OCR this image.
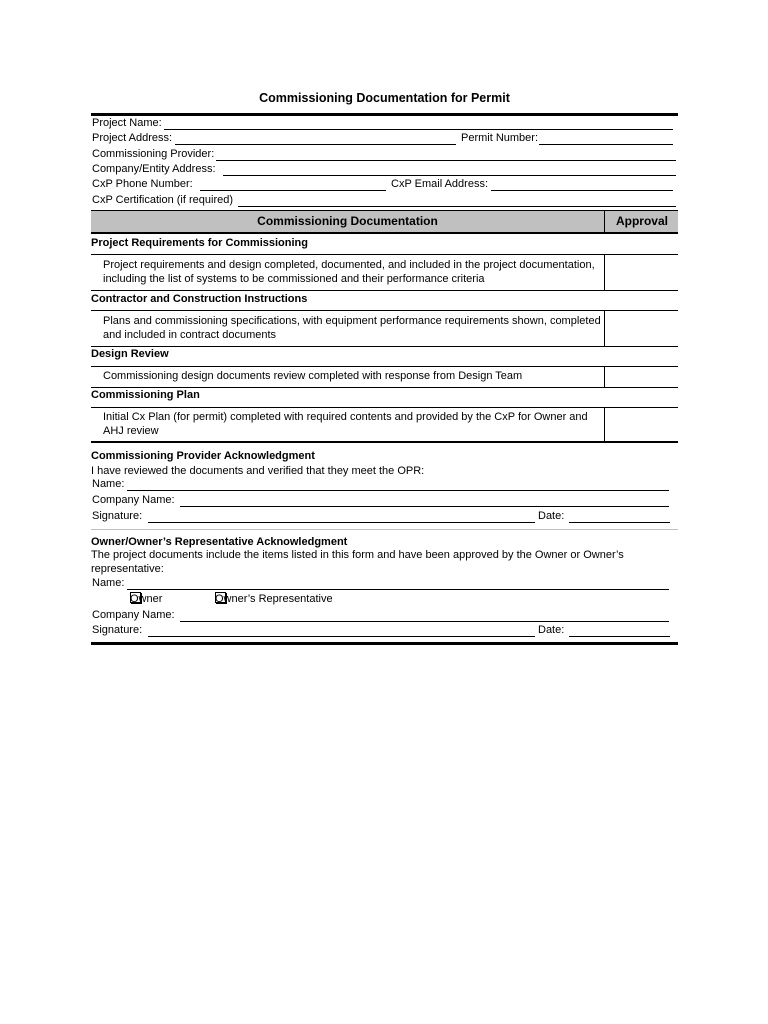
Commissioning Documentation for Permit
Project Name:
Project Address:	Permit Number:
Commissioning Provider:
Company/Entity Address:
CxP Phone Number:	CxP Email Address:
CxP Certification (if required)
Commissioning Documentation	Approval
Project Requirements for Commissioning
Project requirements and design completed, documented, and included in the project documentation, including the list of systems to be commissioned and their performance criteria
Contractor and Construction Instructions
Plans and commissioning specifications, with equipment performance requirements shown, completed and included in contract documents
Design Review
Commissioning design documents review completed with response from Design Team
Commissioning Plan
Initial Cx Plan (for permit) completed with required contents and provided by the CxP for Owner and AHJ review
Commissioning Provider Acknowledgment
I have reviewed the documents and verified that they meet the OPR:
Name:
Company Name:
Signature:	Date:
Owner/Owner’s Representative Acknowledgment
The project documents include the items listed in this form and have been approved by the Owner or Owner’s representative:
Name:
Owner	Owner’s Representative
Company Name:
Signature:	Date:
